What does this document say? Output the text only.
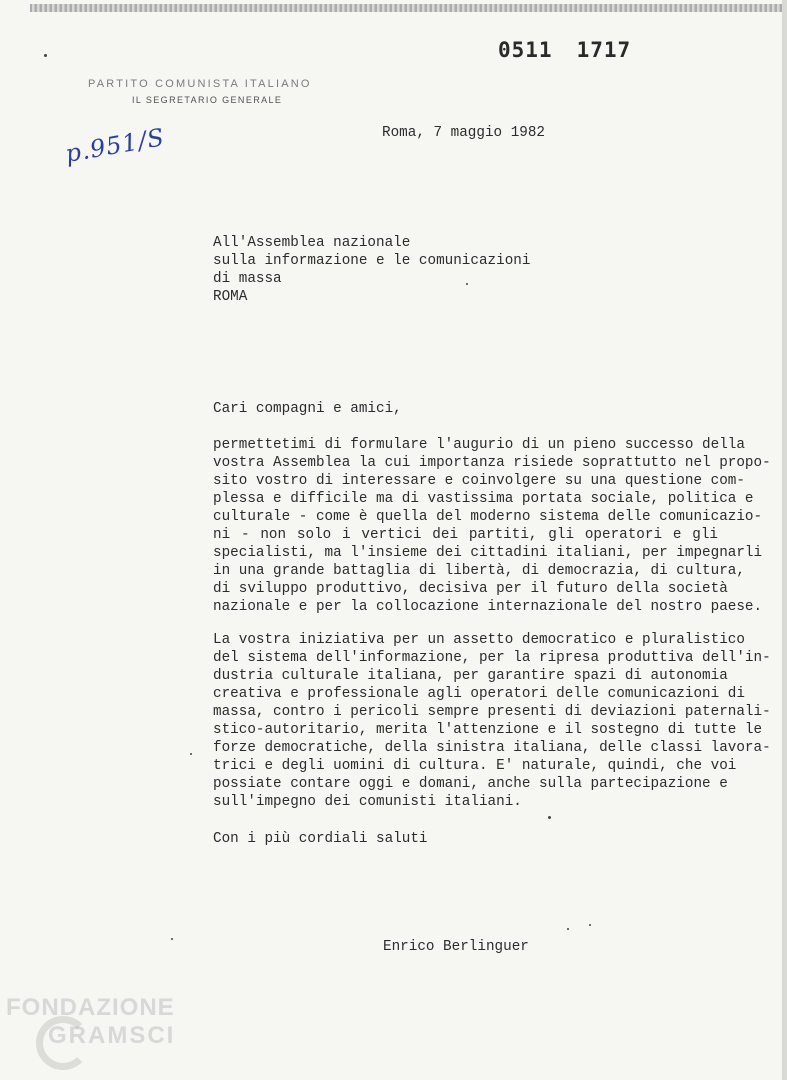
0511 1717
PARTITO COMUNISTA ITALIANO
IL SEGRETARIO GENERALE
p.951/S	Roma, 7 maggio 1982
All'Assemblea nazionale
sulla informazione e le comunicazioni
di massa
ROMA
Cari compagni e amici,
permettetimi di formulare l'augurio di un pieno successo della
vostra Assemblea la cui importanza risiede soprattutto nel propo-
sito vostro di interessare e coinvolgere su una questione com-
plessa e difficile ma di vastissima portata sociale, politica e
culturale - come è quella del moderno sistema delle comunicazio-
ni - non solo i vertici dei partiti, gli operatori e gli
specialisti, ma l'insieme dei cittadini italiani, per impegnarli
in una grande battaglia di libertà, di democrazia, di cultura,
di sviluppo produttivo, decisiva per il futuro della società
nazionale e per la collocazione internazionale del nostro paese.
La vostra iniziativa per un assetto democratico e pluralistico
del sistema dell'informazione, per la ripresa produttiva dell'in-
dustria culturale italiana, per garantire spazi di autonomia
creativa e professionale agli operatori delle comunicazioni di
massa, contro i pericoli sempre presenti di deviazioni paternali-
stico-autoritario, merita l'attenzione e il sostegno di tutte le
forze democratiche, della sinistra italiana, delle classi lavora-
trici e degli uomini di cultura. E' naturale, quindi, che voi
possiate contare oggi e domani, anche sulla partecipazione e
sull'impegno dei comunisti italiani.
Con i più cordiali saluti
Enrico Berlinguer
FONDAZIONE
GRAMSCI
